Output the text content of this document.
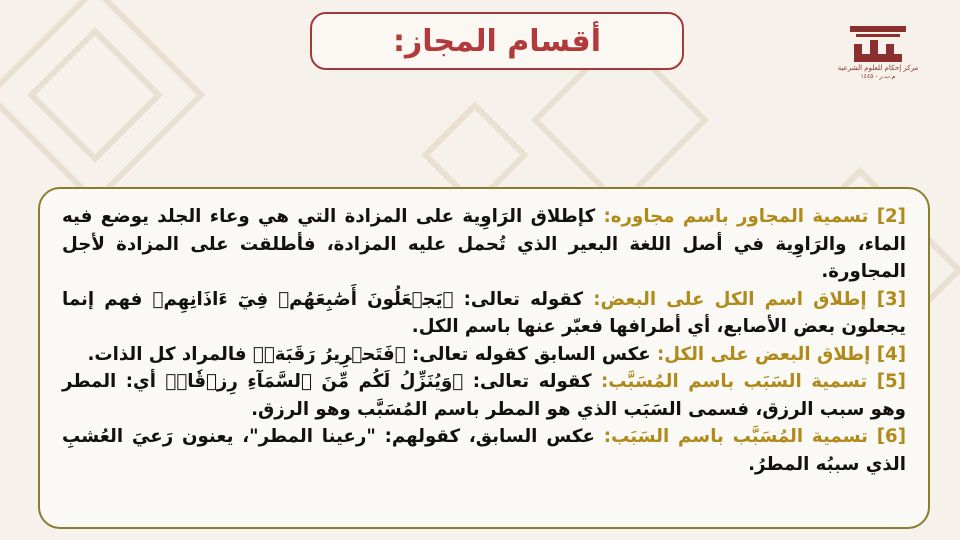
أقسام المجاز:
مركز إحكام للعلوم الشرعية
م.ب.ر - ١٤٤٥
[2] تسمية المجاور باسم مجاوره: كإطلاق الرَاوِية على المزادة التي هي وعاء الجلد يوضع فيه الماء، والرَاوِية في أصل اللغة البعير الذي تُحمل عليه المزادة، فأطلقت على المزادة لأجل المجاورة.
[3] إطلاق اسم الكل على البعض: كقوله تعالى: ﴿يَجۡعَلُونَ أَصَٰبِعَهُمۡ فِيٓ ءَاذَانِهِم﴾ فهم إنما يجعلون بعض الأصابع، أي أطرافها فعبّر عنها باسم الكل.
[4] إطلاق البعض على الكل: عكس السابق كقوله تعالى: ﴿فَتَحۡرِيرُ رَقَبَةٖ﴾ فالمراد كل الذات.
[5] تسمية السَبَب باسم المُسَبَّب: كقوله تعالى: ﴿وَيُنَزِّلُ لَكُم مِّنَ ٱلسَّمَآءِ رِزۡقٗاۚ﴾ أي: المطر وهو سبب الرزق، فسمى السَبَب الذي هو المطر باسم المُسَبَّب وهو الرزق.
[6] تسمية المُسَبَّب باسم السَبَب: عكس السابق، كقولهم: "رعينا المطر"، يعنون رَعيَ العُشبِ الذي سببُه المطرُ.
